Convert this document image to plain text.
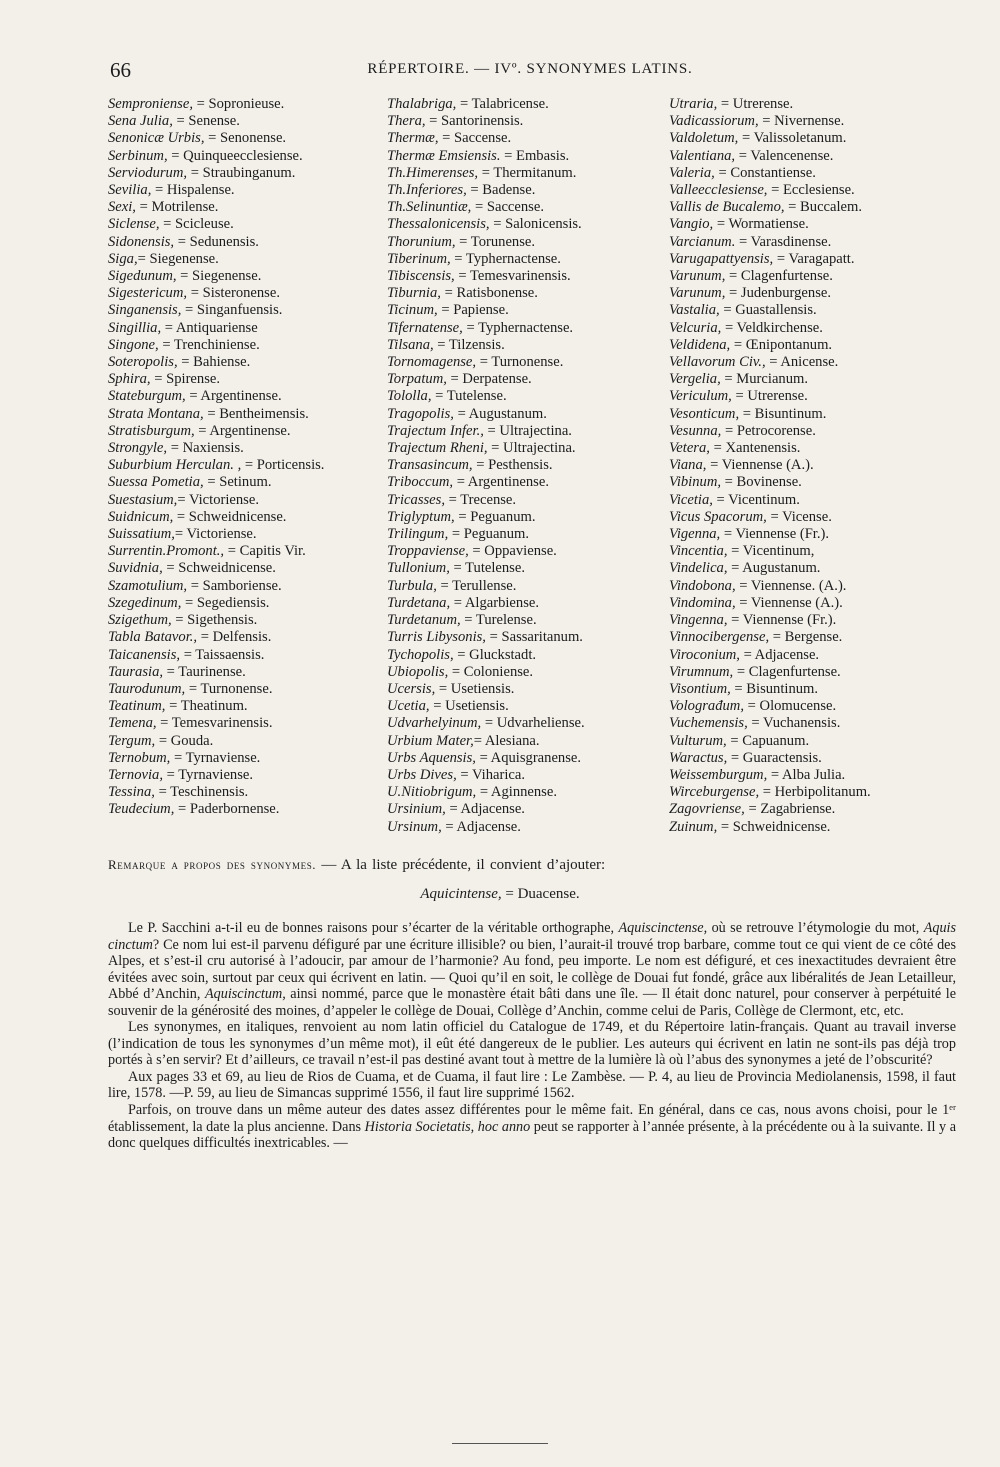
66	RÉPERTOIRE. — IVº. SYNONYMES LATINS.
Semproniense, = Sopronieuse.
Sena Julia, = Senense.
Senonicæ Urbis, = Senonense.
Serbinum, = Quinqueecclesiense.
Serviodurum, = Straubinganum.
Sevilia, = Hispalense.
Sexi, = Motrilense.
Siclense, = Scicleuse.
Sidonensis, = Sedunensis.
Siga,= Siegenense.
Sigedunum, = Siegenense.
Sigestericum, = Sisteronense.
Singanensis, = Singanfuensis.
Singillia, = Antiquariense
Singone, = Trenchiniense.
Soteropolis, = Bahiense.
Sphira, = Spirense.
Stateburgum, = Argentinense.
Strata Montana, = Bentheimensis.
Stratisburgum, = Argentinense.
Strongyle, = Naxiensis.
Suburbium Herculan. , = Porticensis.
Suessa Pometia, = Setinum.
Suestasium,= Victoriense.
Suidnicum, = Schweidnicense.
Suissatium,= Victoriense.
Surrentin.Promont., = Capitis Vir.
Suvidnia, = Schweidnicense.
Szamotulium, = Samboriense.
Szegedinum, = Segediensis.
Szigethum, = Sigethensis.
Tabla Batavor., = Delfensis.
Taicanensis, = Taissaensis.
Taurasia, = Taurinense.
Taurodunum, = Turnonense.
Teatinum, = Theatinum.
Temena, = Temesvarinensis.
Tergum, = Gouda.
Ternobum, = Tyrnaviense.
Ternovia, = Tyrnaviense.
Tessina, = Teschinensis.
Teudecium, = Paderbornense.
Thalabriga, = Talabricense.
Thera, = Santorinensis.
Thermæ, = Saccense.
Thermæ Emsiensis. = Embasis.
Th.Himerenses, = Thermitanum.
Th.Inferiores, = Badense.
Th.Selinuntiæ, = Saccense.
Thessalonicensis, = Salonicensis.
Thorunium, = Torunense.
Tiberinum, = Typhernactense.
Tibiscensis, = Temesvarinensis.
Tiburnia, = Ratisbonense.
Ticinum, = Papiense.
Tifernatense, = Typhernactense.
Tilsana, = Tilzensis.
Tornomagense, = Turnonense.
Torpatum, = Derpatense.
Tololla, = Tutelense.
Tragopolis, = Augustanum.
Trajectum Infer., = Ultrajectina.
Trajectum Rheni, = Ultrajectina.
Transasincum, = Pesthensis.
Triboccum, = Argentinense.
Tricasses, = Trecense.
Triglyptum, = Peguanum.
Trilingum, = Peguanum.
Troppaviense, = Oppaviense.
Tullonium, = Tutelense.
Turbula, = Terullense.
Turdetana, = Algarbiense.
Turdetanum, = Turelense.
Turris Libysonis, = Sassaritanum.
Tychopolis, = Gluckstadt.
Ubiopolis, = Coloniense.
Ucersis, = Usetiensis.
Ucetia, = Usetiensis.
Udvarhelyinum, = Udvarheliense.
Urbium Mater,= Alesiana.
Urbs Aquensis, = Aquisgranense.
Urbs Dives, = Viharica.
U.Nitiobrigum, = Aginnense.
Ursinium, = Adjacense.
Ursinum, = Adjacense.
Utraria, = Utrerense.
Vadicassiorum, = Nivernense.
Valdoletum, = Valissoletanum.
Valentiana, = Valencenense.
Valeria, = Constantiense.
Valleecclesiense, = Ecclesiense.
Vallis de Bucalemo, = Buccalem.
Vangio, = Wormatiense.
Varcianum. = Varasdinense.
Varugapattyensis, = Varagapatt.
Varunum, = Clagenfurtense.
Varunum, = Judenburgense.
Vastalia, = Guastallensis.
Velcuria, = Veldkirchense.
Veldidena, = Œnipontanum.
Vellavorum Civ., = Anicense.
Vergelia, = Murcianum.
Vericulum, = Utrerense.
Vesonticum, = Bisuntinum.
Vesunna, = Petrocorense.
Vetera, = Xantenensis.
Viana, = Viennense (A.).
Vibinum, = Bovinense.
Vicetia, = Vicentinum.
Vicus Spacorum, = Vicense.
Vigenna, = Viennense (Fr.).
Vincentia, = Vicentinum,
Vindelica, = Augustanum.
Vindobona, = Viennense. (A.).
Vindomina, = Viennense (A.).
Vingenna, = Viennense (Fr.).
Vinnocibergense, = Bergense.
Viroconium, = Adjacense.
Virumnum, = Clagenfurtense.
Visontium, = Bisuntinum.
Volograđum, = Olomucense.
Vuchemensis, = Vuchanensis.
Vulturum, = Capuanum.
Waractus, = Guaractensis.
Weissemburgum, = Alba Julia.
Wirceburgense, = Herbipolitanum.
Zagovriense, = Zagabriense.
Zuinum, = Schweidnicense.
Remarque a propos des synonymes. — A la liste précédente, il convient d’ajouter:
Aquicintense, = Duacense.

Le P. Sacchini a-t-il eu de bonnes raisons pour s’écarter de la véritable orthographe, Aquiscinctense, où se retrouve l’étymologie du mot, Aquis cinctum? Ce nom lui est-il parvenu défiguré par une écriture illisible? ou bien, l’aurait-il trouvé trop barbare, comme tout ce qui vient de ce côté des Alpes, et s’est-il cru autorisé à l’adoucir, par amour de l’harmonie? Au fond, peu importe. Le nom est défiguré, et ces inexactitudes devraient être évitées avec soin, surtout par ceux qui écrivent en latin. — Quoi qu’il en soit, le collège de Douai fut fondé, grâce aux libéralités de Jean Letailleur, Abbé d’Anchin, Aquiscinctum, ainsi nommé, parce que le monastère était bâti dans une île. — Il était donc naturel, pour conserver à perpétuité le souvenir de la générosité des moines, d’appeler le collège de Douai, Collège d’Anchin, comme celui de Paris, Collège de Clermont, etc, etc.

Les synonymes, en italiques, renvoient au nom latin officiel du Catalogue de 1749, et du Répertoire latin-français. Quant au travail inverse (l’indication de tous les synonymes d’un même mot), il eût été dangereux de le publier. Les auteurs qui écrivent en latin ne sont-ils pas déjà trop portés à s’en servir? Et d’ailleurs, ce travail n’est-il pas destiné avant tout à mettre de la lumière là où l’abus des synonymes a jeté de l’obscurité?

Aux pages 33 et 69, au lieu de Rios de Cuama, et de Cuama, il faut lire : Le Zambèse. — P. 4, au lieu de Provincia Mediolanensis, 1598, il faut lire, 1578. —P. 59, au lieu de Simancas supprimé 1556, il faut lire supprimé 1562.

Parfois, on trouve dans un même auteur des dates assez différentes pour le même fait. En général, dans ce cas, nous avons choisi, pour le 1ᵉʳ établissement, la date la plus ancienne. Dans Historia Societatis, hoc anno peut se rapporter à l’année présente, à la précédente ou à la suivante. Il y a donc quelques difficultés inextricables. —
